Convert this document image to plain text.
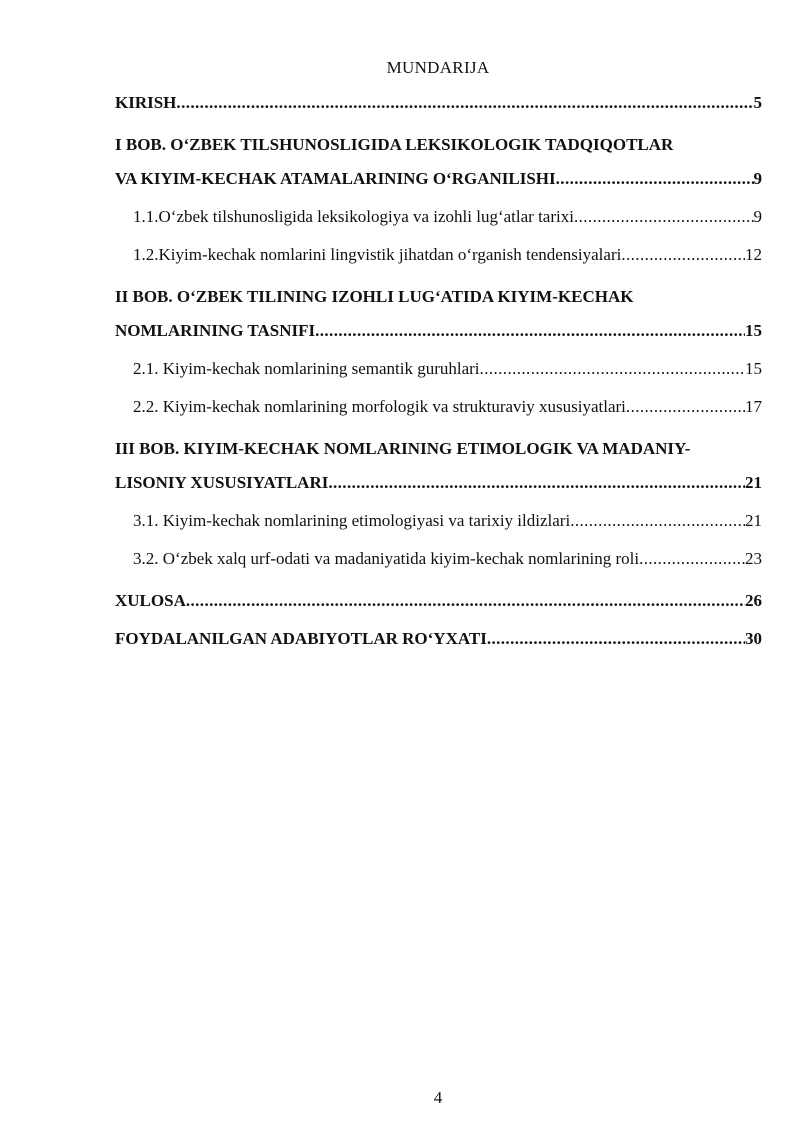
MUNDARIJA
KIRISH .....	5
I BOB. O‘ZBEK TILSHUNOSLIGIDA LEKSIKOLOGIK TADQIQOTLAR
VA KIYIM-KECHAK ATAMALARINING O‘RGANILISHI .....	9
1.1. O‘zbek tilshunosligida leksikologiya va izohli lug‘atlar tarixi .....	9
1.2. Kiyim-kechak nomlarini lingvistik jihatdan o‘rganish tendensiyalari .....	12
II BOB. O‘ZBEK TILINING IZOHLI LUG‘ATIDA KIYIM-KECHAK
NOMLARINING TASNIFI .....	15
2.1. Kiyim-kechak nomlarining semantik guruhlari .....	15
2.2. Kiyim-kechak nomlarining morfologik va strukturaviy xususiyatlari .....	17
III BOB. KIYIM-KECHAK NOMLARINING ETIMOLOGIK VA MADANIY-
LISONIY XUSUSIYATLARI .....	21
3.1. Kiyim-kechak nomlarining etimologiyasi va tarixiy ildizlari .....	21
3.2. O‘zbek xalq urf-odati va madaniyatida kiyim-kechak nomlarining roli .....	23
XULOSA .....	26
FOYDALANILGAN ADABIYOTLAR RO‘YXATI .....	30
4
